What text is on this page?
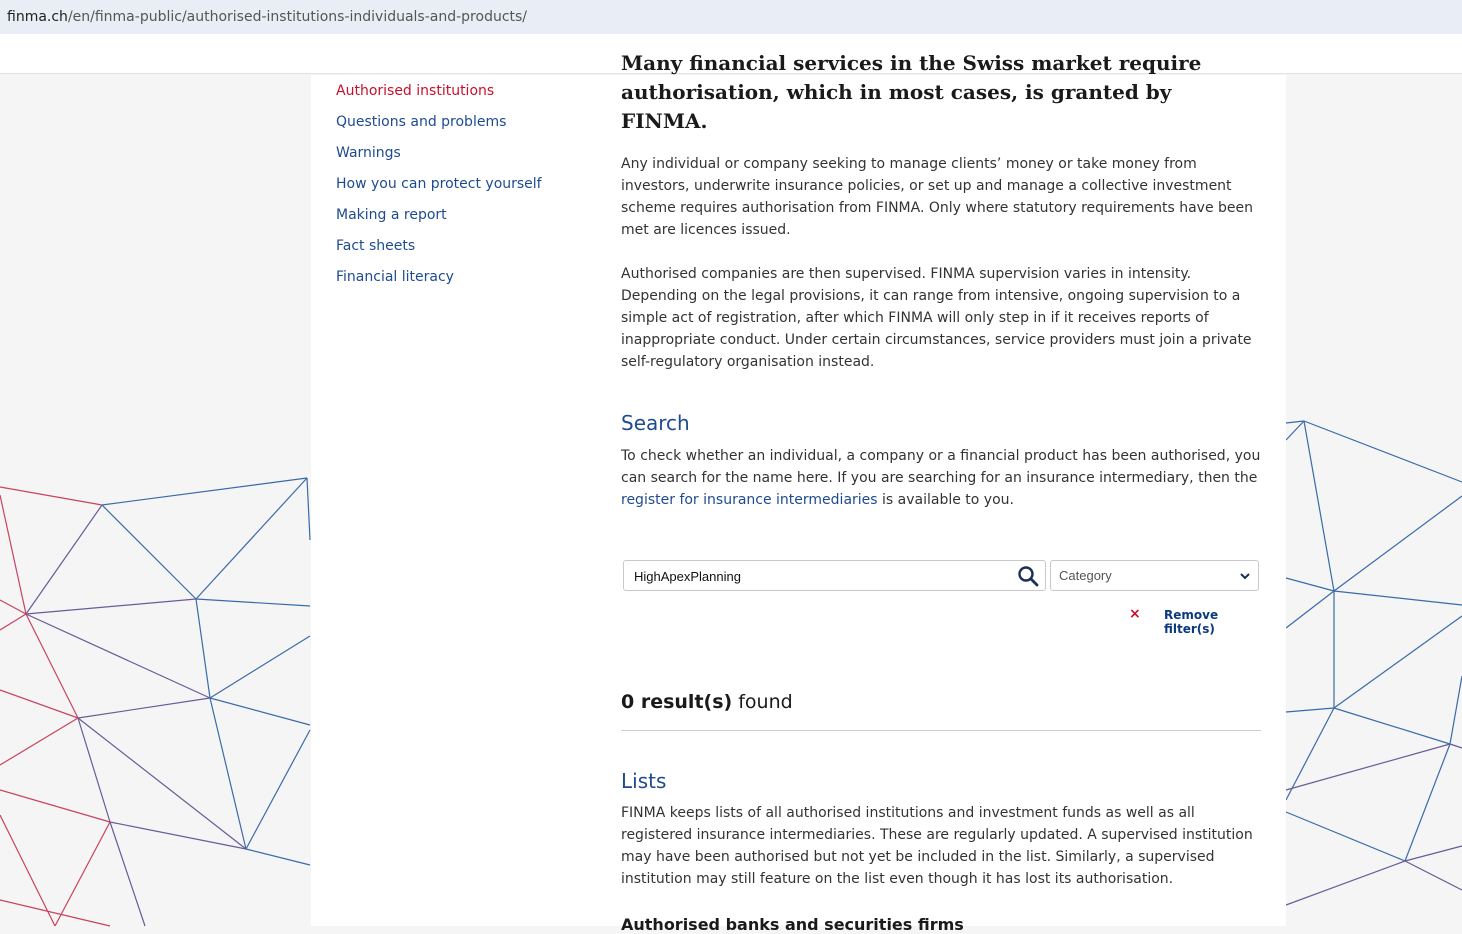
finma.ch/en/finma-public/authorised-institutions-individuals-and-products/
Authorised institutions
Questions and problems
Warnings
How you can protect yourself
Making a report
Fact sheets
Financial literacy
Many financial services in the Swiss market require
authorisation, which in most cases, is granted by FINMA.

Any individual or company seeking to manage clients’ money or take money from investors, underwrite insurance policies, or set up and manage a collective investment scheme requires authorisation from FINMA. Only where statutory requirements have been met are licences issued.

Authorised companies are then supervised. FINMA supervision varies in intensity. Depending on the legal provisions, it can range from intensive, ongoing supervision to a simple act of registration, after which FINMA will only step in if it receives reports of inappropriate conduct. Under certain circumstances, service providers must join a private self-regulatory organisation instead.

Search

To check whether an individual, a company or a financial product has been authorised, you can search for the name here. If you are searching for an insurance intermediary, then the register for insurance intermediaries is available to you.

HighApexPlanning
Category
× Remove filter(s)
0 result(s) found
Lists

FINMA keeps lists of all authorised institutions and investment funds as well as all registered insurance intermediaries. These are regularly updated. A supervised institution may have been authorised but not yet be included in the list. Similarly, a supervised institution may still feature on the list even though it has lost its authorisation.

Authorised banks and securities firms
